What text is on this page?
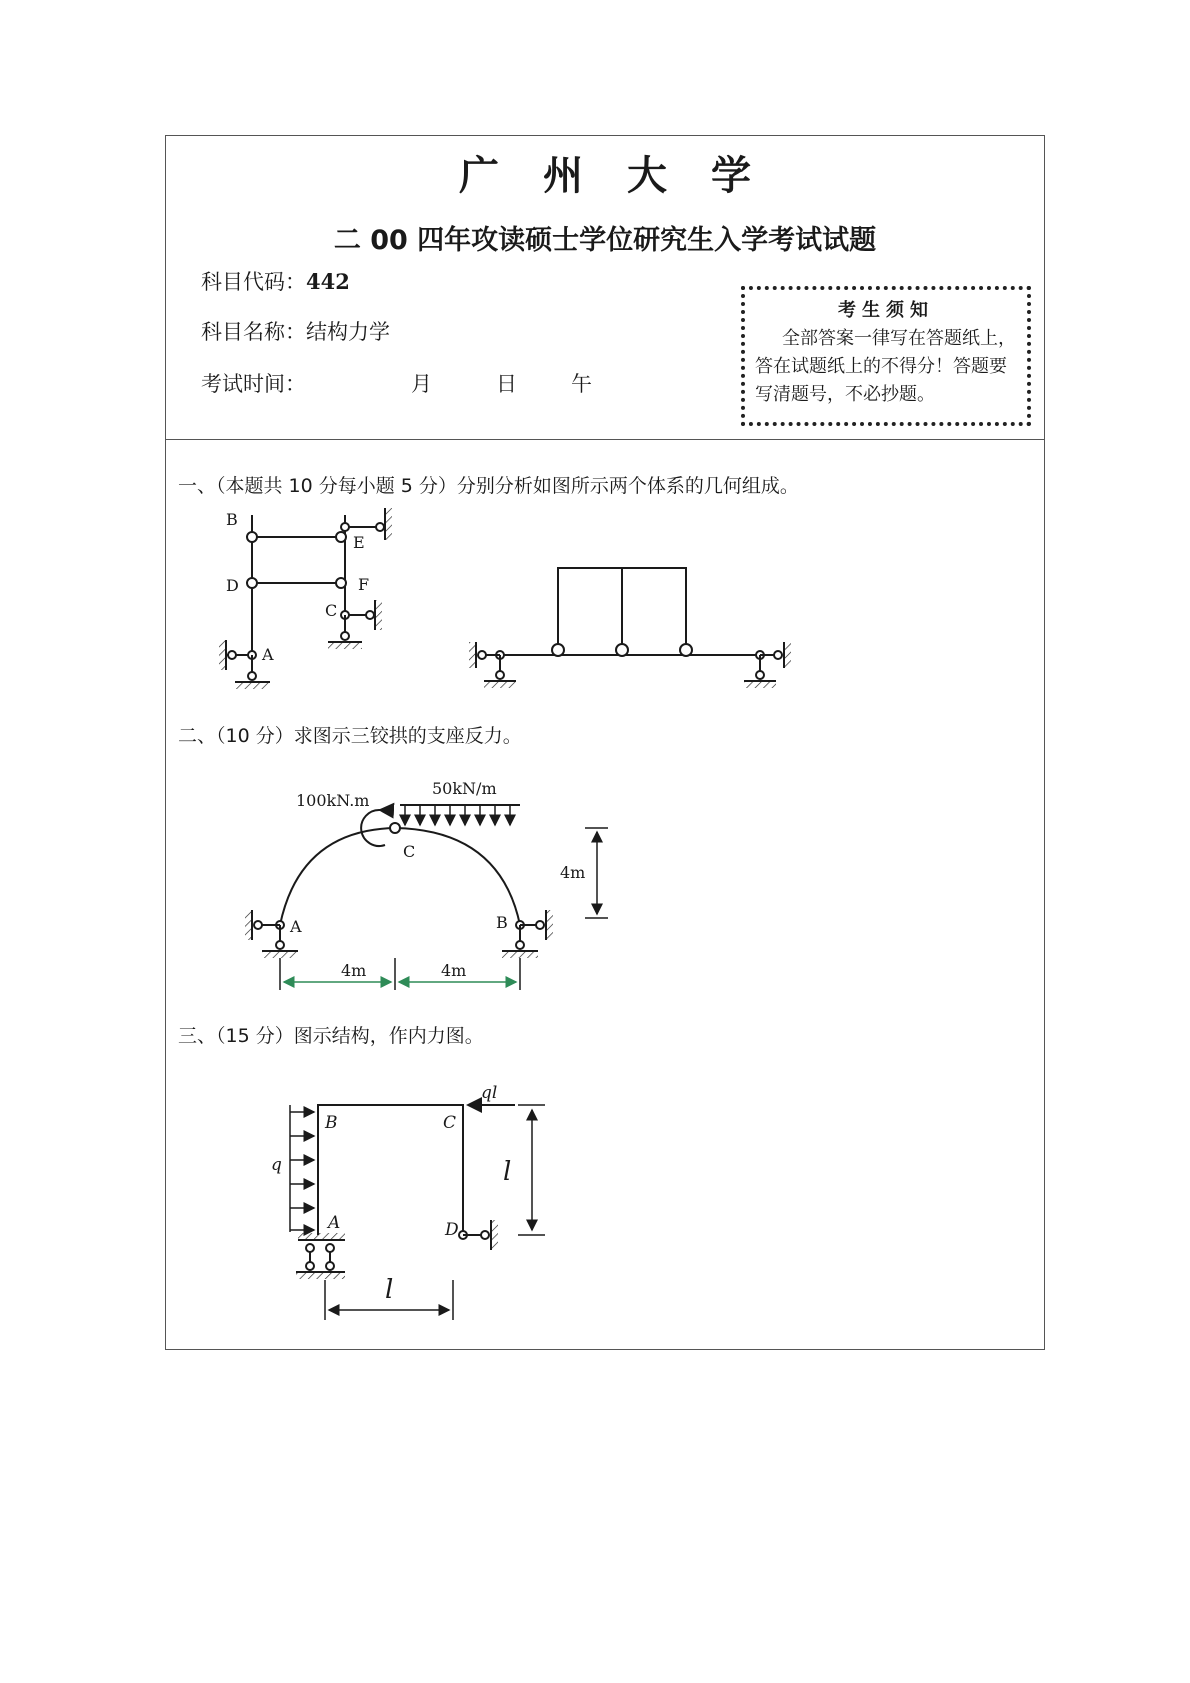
广州大学
二 00 四年攻读硕士学位研究生入学考试试题
科目代码：442
科目名称：结构力学
考试时间：	月	日	午
考生须知
全部答案一律写在答题纸上，答在试题纸上的不得分！答题要写清题号，不必抄题。
一、（本题共 10 分每小题 5 分）分别分析如图所示两个体系的几何组成。
二、（10 分）求图示三铰拱的支座反力。
三、（15 分）图示结构，作内力图。
B
D
E
F
C
A
100kN.m
50kN/m
C
A	B
4m
4m	4m
q
ql
B	C
A	D
l
l
